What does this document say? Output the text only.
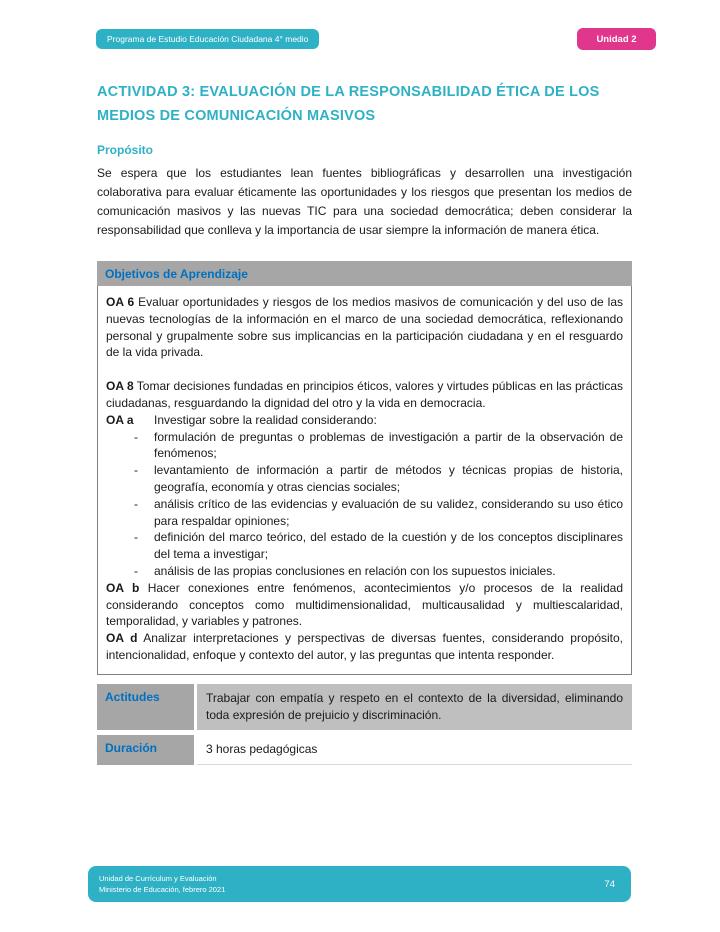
Programa de Estudio Educación Ciudadana 4° medio	Unidad 2
ACTIVIDAD 3: EVALUACIÓN DE LA RESPONSABILIDAD ÉTICA DE LOS MEDIOS DE COMUNICACIÓN MASIVOS
Propósito

Se espera que los estudiantes lean fuentes bibliográficas y desarrollen una investigación colaborativa para evaluar éticamente las oportunidades y los riesgos que presentan los medios de comunicación masivos y las nuevas TIC para una sociedad democrática; deben considerar la responsabilidad que conlleva y la importancia de usar siempre la información de manera ética.

Objetivos de Aprendizaje

OA 6 Evaluar oportunidades y riesgos de los medios masivos de comunicación y del uso de las nuevas tecnologías de la información en el marco de una sociedad democrática, reflexionando personal y grupalmente sobre sus implicancias en la participación ciudadana y en el resguardo de la vida privada.

OA 8 Tomar decisiones fundadas en principios éticos, valores y virtudes públicas en las prácticas ciudadanas, resguardando la dignidad del otro y la vida en democracia.

OA a Investigar sobre la realidad considerando:

- formulación de preguntas o problemas de investigación a partir de la observación de fenómenos;
- levantamiento de información a partir de métodos y técnicas propias de historia, geografía, economía y otras ciencias sociales;
- análisis crítico de las evidencias y evaluación de su validez, considerando su uso ético para respaldar opiniones;
- definición del marco teórico, del estado de la cuestión y de los conceptos disciplinares del tema a investigar;
- análisis de las propias conclusiones en relación con los supuestos iniciales.

OA b Hacer conexiones entre fenómenos, acontecimientos y/o procesos de la realidad considerando conceptos como multidimensionalidad, multicausalidad y multiescalaridad, temporalidad, y variables y patrones.

OA d Analizar interpretaciones y perspectivas de diversas fuentes, considerando propósito, intencionalidad, enfoque y contexto del autor, y las preguntas que intenta responder.

Actitudes	Trabajar con empatía y respeto en el contexto de la diversidad, eliminando toda expresión de prejuicio y discriminación.
Duración	3 horas pedagógicas
Unidad de Currículum y Evaluación
Ministerio de Educación, febrero 2021	74
